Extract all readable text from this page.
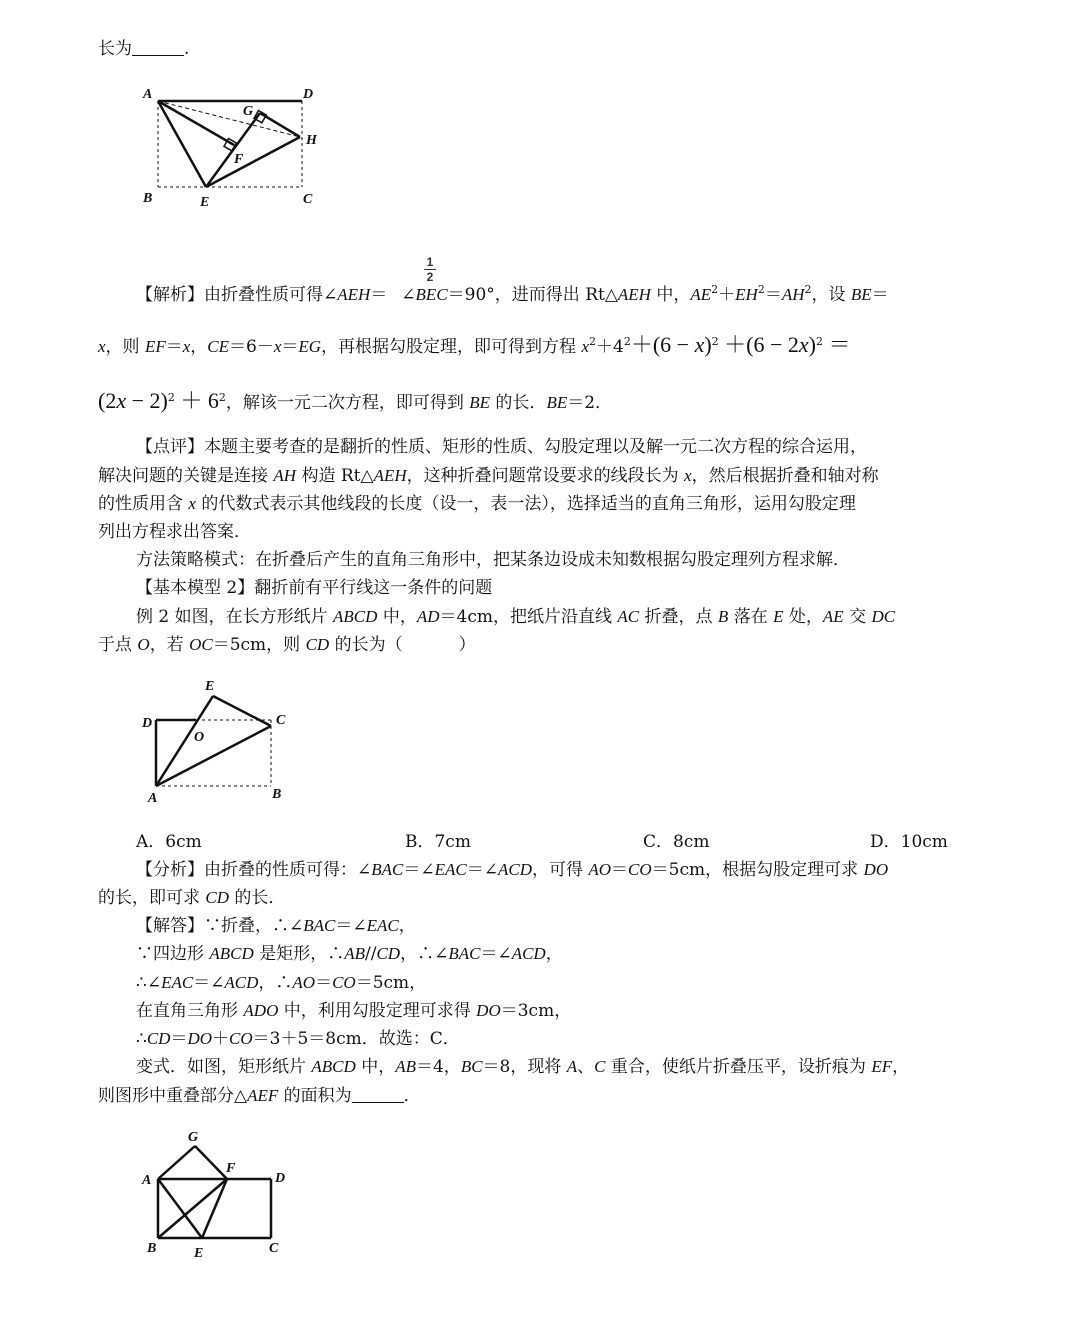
长为	.
A	D
G
H
F
B	E	C
1
2
【解析】由折叠性质可得∠AEH＝ ∠BEC＝90°，进而得出 Rt△AEH 中，$AE^2+EH^2=AH^2$，设 BE＝
x，则 EF＝x，CE＝6－x＝EG，再根据勾股定理，即可得到方程 $x^2+4^2+(6 - x)^2 +(6 - 2x)^2$ ＝
$(2x - 2)^2 + 6^2$，解该一元二次方程，即可得到 BE 的长．BE＝2．
【点评】本题主要考查的是翻折的性质、矩形的性质、勾股定理以及解一元二次方程的综合运用，
解决问题的关键是连接 AH 构造 Rt△AEH，这种折叠问题常设要求的线段长为 x，然后根据折叠和轴对称
的性质用含 x 的代数式表示其他线段的长度（设一，表一法），选择适当的直角三角形，运用勾股定理
列出方程求出答案．
方法策略模式：在折叠后产生的直角三角形中，把某条边设成未知数根据勾股定理列方程求解．
【基本模型 2】翻折前有平行线这一条件的问题
例 2 如图，在长方形纸片 ABCD 中，AD＝4cm，把纸片沿直线 AC 折叠，点 B 落在 E 处，AE 交 DC
于点 O，若 OC＝5cm，则 CD 的长为（	）
E
D
O
C
A	B
A．6cm	B．7cm	C．8cm	D．10cm
【分析】由折叠的性质可得：∠BAC＝∠EAC＝∠ACD，可得 AO＝CO＝5cm，根据勾股定理可求 DO
的长，即可求 CD 的长．
【解答】∵折叠，∴∠BAC＝∠EAC，
∵四边形 ABCD 是矩形，∴AB//CD，∴∠BAC＝∠ACD，
∴∠EAC＝∠ACD，∴AO＝CO＝5cm，
在直角三角形 ADO 中，利用勾股定理可求得 DO＝3cm，
∴CD＝DO＋CO＝3＋5＝8cm．故选：C．
变式．如图，矩形纸片 ABCD 中，AB＝4，BC＝8，现将 A、C 重合，使纸片折叠压平，设折痕为 EF，
则图形中重叠部分△AEF 的面积为	．
G
F
A	D
B	E	C
